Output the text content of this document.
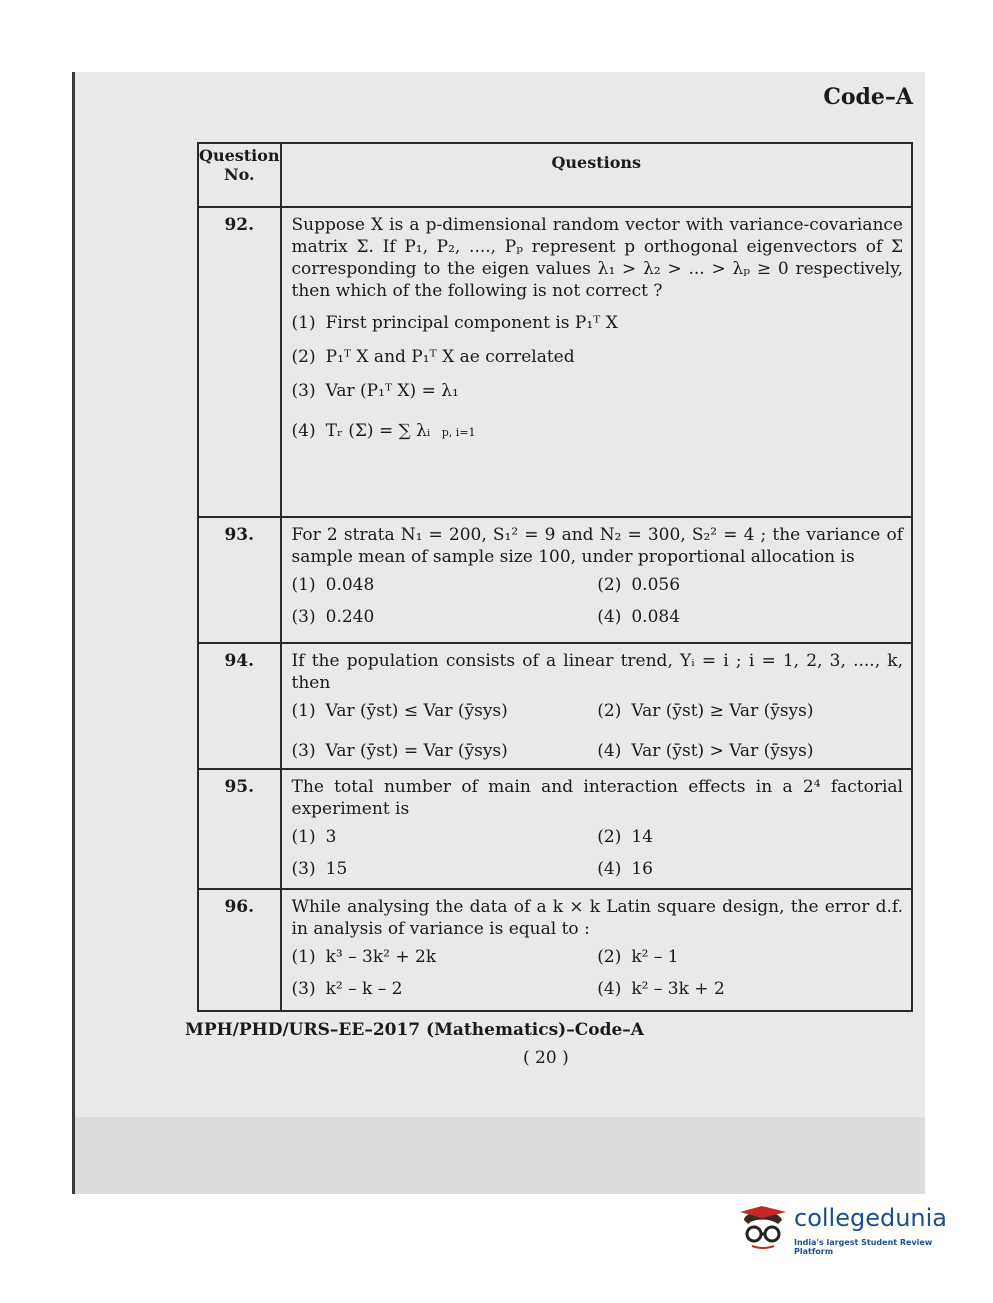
Code–A
Question
No.	Questions
92.	Suppose X is a p-dimensional random vector with variance-covariance matrix Σ. If P₁, P₂, ...., Pₚ represent p orthogonal eigenvectors of Σ corresponding to the eigen values λ₁ > λ₂ > ... > λₚ ≥ 0 respectively, then which of the following is not correct ?

(1) First principal component is P₁ᵀ X
(2) P₁ᵀ X and P₁ᵀ X ae correlated
(3) Var (P₁ᵀ X) = λ₁
(4) Tᵣ (Σ) = ∑ λᵢ p, i=1

93.	For 2 strata N₁ = 200, S₁² = 9 and N₂ = 300, S₂² = 4 ; the variance of sample mean of sample size 100, under proportional allocation is

(1) 0.048 (2) 0.056
(3) 0.240 (4) 0.084

94.	If the population consists of a linear trend, Yᵢ = i ; i = 1, 2, 3, ...., k, then

(1) Var (ȳst) ≤ Var (ȳsys) (2) Var (ȳst) ≥ Var (ȳsys)
(3) Var (ȳst) = Var (ȳsys) (4) Var (ȳst) > Var (ȳsys)

95.	The total number of main and interaction effects in a 2⁴ factorial experiment is

(1) 3 (2) 14
(3) 15 (4) 16

96.	While analysing the data of a k × k Latin square design, the error d.f. in analysis of variance is equal to :

(1) k³ – 3k² + 2k (2) k² – 1
(3) k² – k – 2 (4) k² – 3k + 2
MPH/PHD/URS–EE–2017 (Mathematics)–Code–A
( 20 )
collegedunia
India's largest Student Review Platform
